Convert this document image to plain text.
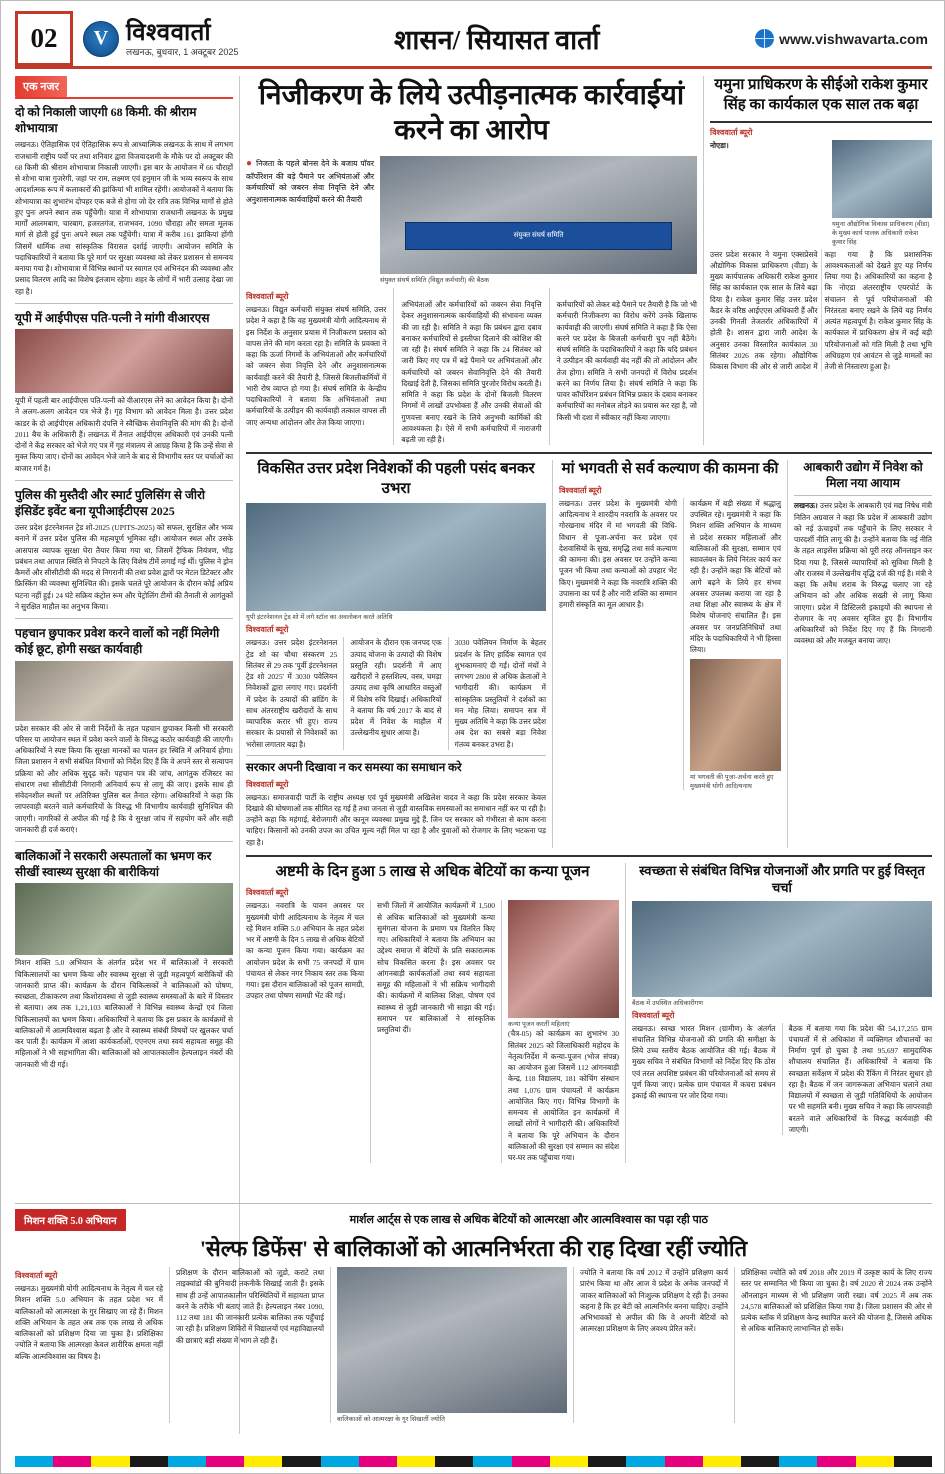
02 V	विश्ववार्ता
लखनऊ, बुधवार, 1 अक्टूबर 2025	शासन/ सियासत वार्ता	www.vishwavarta.com
एक नजर
दो को निकाली जाएगी 68 किमी. की श्रीराम शोभायात्रा
लखनऊ। ऐतिहासिक एवं ऐतिहासिक रूप से आध्यात्मिक लखनऊ के साथ में लगभग राजधानी राष्ट्रीय पर्वों पर तथा शनिवार द्वारा विजयादशमी के मौके पर दो अक्टूबर की 68 किमी की श्रीराम शोभायात्रा निकाली जाएगी। इस बार के आयोजन में 66 चौराहों से शोभा यात्रा गुजरेगी, जहां पर राम, लक्ष्मण एवं हनुमान जी के भव्य स्वरूप के साथ आदर्शात्मक रूप में कलाकारों की झांकियां भी शामिल रहेंगी। आयोजकों ने बताया कि शोभायात्रा का शुभारंभ दोपहर एक बजे से होगा जो देर रात्रि तक विभिन्न मार्गों से होते हुए पुनः अपने स्थान तक पहुँचेगी। यात्रा में शोभायात्रा राजधानी लखनऊ के प्रमुख मार्गों आलमबाग, चारबाग, हजरतगंज, राजभवन, 1090 चौराहा और समता मूलक मार्ग से होती हुई पुनः अपने स्थल तक पहुँचेगी। यात्रा में करीब 161 झाकियां होंगी जिसमें धार्मिक तथा सांस्कृतिक विरासत दर्शाई जाएगी। आयोजन समिति के पदाधिकारियों ने बताया कि पूरे मार्ग पर सुरक्षा व्यवस्था को लेकर प्रशासन से समन्वय बनाया गया है। शोभायात्रा में विभिन्न स्थानों पर स्वागत एवं अभिनंदन की व्यवस्था और प्रसाद वितरण आदि का विशेष इंतजाम रहेगा। शहर के लोगों में भारी उत्साह देखा जा रहा है।
यूपी में आईपीएस पति-पत्नी ने मांगी वीआरएस
यूपी में पहली बार आईपीएस पति-पत्नी को वीआरएस लेने का आवेदन किया है। दोनों ने अलग-अलग आवेदन पत्र भेजे हैं। गृह विभाग को आवेदन मिला है। उत्तर प्रदेश काडर के दो आईपीएस अधिकारी दंपत्ति ने स्वैच्छिक सेवानिवृत्ति की मांग की है। दोनों 2011 बैच के अधिकारी हैं। लखनऊ में तैनात आईपीएस अधिकारी एवं उनकी पत्नी दोनों ने केंद्र सरकार को भेजे गए पत्र में गृह मंत्रालय से आग्रह किया है कि उन्हें सेवा से मुक्त किया जाए। दोनों का आवेदन भेजे जाने के बाद से विभागीय स्तर पर चर्चाओं का बाजार गर्म है।
पुलिस की मुस्तैदी और स्मार्ट पुलिसिंग से जीरो इंसिडेंट इवेंट बना यूपीआईटीएस 2025
उत्तर प्रदेश इंटरनेशनल ट्रेड शो-2025 (UPITS-2025) को सफल, सुरक्षित और भव्य बनाने में उत्तर प्रदेश पुलिस की महत्वपूर्ण भूमिका रही। आयोजन स्थल और उसके आसपास व्यापक सुरक्षा घेरा तैयार किया गया था, जिसमें ट्रैफिक नियंत्रण, भीड़ प्रबंधन तथा आपात स्थिति से निपटने के लिए विशेष टीमें लगाई गई थीं। पुलिस ने ड्रोन कैमरों और सीसीटीवी की मदद से निगरानी की तथा प्रवेश द्वारों पर मेटल डिटेक्टर और फ्रिस्किंग की व्यवस्था सुनिश्चित की। इसके चलते पूरे आयोजन के दौरान कोई अप्रिय घटना नहीं हुई। 24 घंटे सक्रिय कंट्रोल रूम और पेट्रोलिंग टीमों की तैनाती से आगंतुकों ने सुरक्षित माहौल का अनुभव किया।
पहचान छुपाकर प्रवेश करने वालों को नहीं मिलेगी कोई छूट, होगी सख्त कार्यवाही
प्रदेश सरकार की ओर से जारी निर्देशों के तहत पहचान छुपाकर किसी भी सरकारी परिसर या आयोजन स्थल में प्रवेश करने वालों के विरुद्ध कठोर कार्यवाही की जाएगी। अधिकारियों ने स्पष्ट किया कि सुरक्षा मानकों का पालन हर स्थिति में अनिवार्य होगा। जिला प्रशासन ने सभी संबंधित विभागों को निर्देश दिए हैं कि वे अपने स्तर से सत्यापन प्रक्रिया को और अधिक सुदृढ़ करें। पहचान पत्र की जांच, आगंतुक रजिस्टर का संधारण तथा सीसीटीवी निगरानी अनिवार्य रूप से लागू की जाए। इसके साथ ही संवेदनशील स्थलों पर अतिरिक्त पुलिस बल तैनात रहेगा। अधिकारियों ने कहा कि लापरवाही बरतने वाले कर्मचारियों के विरुद्ध भी विभागीय कार्यवाही सुनिश्चित की जाएगी। नागरिकों से अपील की गई है कि वे सुरक्षा जांच में सहयोग करें और सही जानकारी ही दर्ज कराएं।
बालिकाओं ने सरकारी अस्पतालों का भ्रमण कर सीखीं स्वास्थ्य सुरक्षा की बारीकियां
मिशन शक्ति 5.0 अभियान के अंतर्गत प्रदेश भर में बालिकाओं ने सरकारी चिकित्सालयों का भ्रमण किया और स्वास्थ्य सुरक्षा से जुड़ी महत्वपूर्ण बारीकियों की जानकारी प्राप्त की। कार्यक्रम के दौरान चिकित्सकों ने बालिकाओं को पोषण, स्वच्छता, टीकाकरण तथा किशोरावस्था से जुड़ी स्वास्थ्य समस्याओं के बारे में विस्तार से बताया। अब तक 1,21,103 बालिकाओं ने विभिन्न स्वास्थ्य केन्द्रों एवं जिला चिकित्सालयों का भ्रमण किया। अधिकारियों ने बताया कि इस प्रकार के कार्यक्रमों से बालिकाओं में आत्मविश्वास बढ़ता है और वे स्वास्थ्य संबंधी विषयों पर खुलकर चर्चा कर पाती हैं। कार्यक्रम में आशा कार्यकर्ताओं, एएनएम तथा स्वयं सहायता समूह की महिलाओं ने भी सहभागिता की। बालिकाओं को आपातकालीन हेल्पलाइन नंबरों की जानकारी भी दी गई।
निजीकरण के लिये उत्पीड़नात्मक कार्रवाईयां करने का आरोप
● निजता के पहले बोनस देने के बजाय पॉवर कॉर्पोरेशन की बड़े पैमाने पर अभियंताओं और कर्मचारियों को जबरन सेवा निवृत्ति देने और अनुशासनात्मक कार्यवाहियों करने की तैयारी
संयुक्त संघर्ष समिति
संयुक्त संघर्ष समिति (विद्युत कर्मचारी) की बैठक
विश्ववार्ता ब्यूरो
लखनऊ। विद्युत कर्मचारी संयुक्त संघर्ष समिति, उत्तर प्रदेश ने कहा है कि वह मुख्यमंत्री योगी आदित्यनाथ से इस निर्देश के अनुसार प्रयास में निजीकरण प्रस्ताव को वापस लेने की मांग करता रहा है। समिति के प्रवक्ता ने कहा कि ऊर्जा निगमों के अभियंताओं और कर्मचारियों को जबरन सेवा निवृत्ति देने और अनुशासनात्मक कार्यवाही करने की तैयारी है, जिससे बिजलीकर्मियों में भारी रोष व्याप्त हो गया है। संघर्ष समिति के केन्द्रीय पदाधिकारियों ने बताया कि अभियंताओं तथा कर्मचारियों के उत्पीड़न की कार्यवाही तत्काल वापस ली जाए अन्यथा आंदोलन और तेज किया जाएगा।
अभियंताओं और कर्मचारियों को जबरन सेवा निवृत्ति देकर अनुशासनात्मक कार्यवाहियों की संभावना व्यक्त की जा रही है। समिति ने कहा कि प्रबंधन द्वारा दबाव बनाकर कर्मचारियों से इस्तीफा दिलाने की कोशिश की जा रही है। संघर्ष समिति ने कहा कि 24 सितंबर को जारी किए गए पत्र में बड़े पैमाने पर अभियंताओं और कर्मचारियों को जबरन सेवानिवृत्ति देने की तैयारी दिखाई देती है, जिसका समिति पुरजोर विरोध करती है। समिति ने कहा कि प्रदेश के दोनों बिजली वितरण निगमों में लाखों उपभोक्ता हैं और उनकी सेवाओं की गुणवत्ता बनाए रखने के लिये अनुभवी कार्मिकों की आवश्यकता है। ऐसे में सभी कर्मचारियों में नाराजगी बढ़ती जा रही है।
कर्मचारियों को लेकर बड़े पैमाने पर तैयारी है कि जो भी कर्मचारी निजीकरण का विरोध करेंगे उनके खिलाफ कार्यवाही की जाएगी। संघर्ष समिति ने कहा है कि ऐसा करने पर प्रदेश के बिजली कर्मचारी चुप नहीं बैठेंगे। संघर्ष समिति के पदाधिकारियों ने कहा कि यदि प्रबंधन ने उत्पीड़न की कार्यवाही बंद नहीं की तो आंदोलन और तेज होगा। समिति ने सभी जनपदों में विरोध प्रदर्शन करने का निर्णय लिया है। संघर्ष समिति ने कहा कि पावर कॉर्पोरेशन प्रबंधन विभिन्न प्रकार के दबाव बनाकर कर्मचारियों का मनोबल तोड़ने का प्रयास कर रहा है, जो किसी भी दशा में स्वीकार नहीं किया जाएगा।
यमुना प्राधिकरण के सीईओ राकेश कुमार सिंह का कार्यकाल एक साल तक बढ़ा
विश्ववार्ता ब्यूरो
नोएडा।
यमुना औद्योगिक विकास प्राधिकरण (वीडा) के मुख्य कार्य पालक अधिकारी राकेश कुमार सिंह
उत्तर प्रदेश सरकार ने यमुना एक्सप्रेसवे औद्योगिक विकास प्राधिकरण (वीडा) के मुख्य कार्यपालक अधिकारी राकेश कुमार सिंह का कार्यकाल एक साल के लिये बढ़ा दिया है। राकेश कुमार सिंह उत्तर प्रदेश कैडर के वरिष्ठ आईएएस अधिकारी हैं और उनकी गिनती तेजतर्रार अधिकारियों में होती है। शासन द्वारा जारी आदेश के अनुसार उनका विस्तारित कार्यकाल 30 सितंबर 2026 तक रहेगा। औद्योगिक विकास विभाग की ओर से जारी आदेश में कहा गया है कि प्रशासनिक आवश्यकताओं को देखते हुए यह निर्णय लिया गया है। अधिकारियों का कहना है कि नोएडा अंतरराष्ट्रीय एयरपोर्ट के संचालन से पूर्व परियोजनाओं की निरंतरता बनाए रखने के लिये यह निर्णय अत्यंत महत्वपूर्ण है। राकेश कुमार सिंह के कार्यकाल में प्राधिकरण क्षेत्र में कई बड़ी परियोजनाओं को गति मिली है तथा भूमि अधिग्रहण एवं आवंटन से जुड़े मामलों का तेजी से निस्तारण हुआ है।
विकसित उत्तर प्रदेश निवेशकों की पहली पसंद बनकर उभरा
यूपी इंटरनेशनल ट्रेड शो में लगे स्टॉल का अवलोकन करते अतिथि
विश्ववार्ता ब्यूरो
लखनऊ। उत्तर प्रदेश इंटरनेशनल ट्रेड शो का चौथा संस्करण 25 सितंबर से 29 तक 'पूर्वी इंटरनेशनल ट्रेड शो 2025' में 3030 पवेलियन निवेशकों द्वारा लगाए गए। प्रदर्शनी में प्रदेश के उत्पादों की ब्रांडिंग के साथ अंतरराष्ट्रीय खरीदारों के साथ व्यापारिक करार भी हुए। राज्य सरकार के प्रयासों से निवेशकों का भरोसा लगातार बढ़ा है।
आयोजन के दौरान एक जनपद एक उत्पाद योजना के उत्पादों की विशेष प्रस्तुति रही। प्रदर्शनी में आए खरीदारों ने हस्तशिल्प, वस्त्र, चमड़ा उत्पाद तथा कृषि आधारित वस्तुओं में विशेष रुचि दिखाई। अधिकारियों ने बताया कि वर्ष 2017 के बाद से प्रदेश में निवेश के माहौल में उल्लेखनीय सुधार आया है।
3030 पवेलियन निर्माण के बेहतर प्रदर्शन के लिए हार्दिक स्वागत एवं शुभकामनाएं दी गईं। दोनों मंचों ने लगभग 2800 से अधिक क्रेताओं ने भागीदारी की। कार्यक्रम में सांस्कृतिक प्रस्तुतियों ने दर्शकों का मन मोह लिया। समापन सत्र में मुख्य अतिथि ने कहा कि उत्तर प्रदेश अब देश का सबसे बड़ा निवेश गंतव्य बनकर उभरा है।
सरकार अपनी दिखावा न कर समस्या का समाधान करे
विश्ववार्ता ब्यूरो
लखनऊ। समाजवादी पार्टी के राष्ट्रीय अध्यक्ष एवं पूर्व मुख्यमंत्री अखिलेश यादव ने कहा कि प्रदेश सरकार केवल दिखावे की घोषणाओं तक सीमित रह गई है तथा जनता से जुड़ी वास्तविक समस्याओं का समाधान नहीं कर पा रही है। उन्होंने कहा कि महंगाई, बेरोजगारी और कानून व्यवस्था प्रमुख मुद्दे हैं, जिन पर सरकार को गंभीरता से काम करना चाहिए। किसानों को उनकी उपज का उचित मूल्य नहीं मिल पा रहा है और युवाओं को रोजगार के लिए भटकना पड़ रहा है।
मां भगवती से सर्व कल्याण की कामना की
विश्ववार्ता ब्यूरो
लखनऊ। उत्तर प्रदेश के मुख्यमंत्री योगी आदित्यनाथ ने शारदीय नवरात्रि के अवसर पर गोरखनाथ मंदिर में मां भगवती की विधि-विधान से पूजा-अर्चना कर प्रदेश एवं देशवासियों के सुख, समृद्धि तथा सर्व कल्याण की कामना की। इस अवसर पर उन्होंने कन्या पूजन भी किया तथा कन्याओं को उपहार भेंट किए। मुख्यमंत्री ने कहा कि नवरात्रि शक्ति की उपासना का पर्व है और नारी शक्ति का सम्मान हमारी संस्कृति का मूल आधार है।
कार्यक्रम में बड़ी संख्या में श्रद्धालु उपस्थित रहे। मुख्यमंत्री ने कहा कि मिशन शक्ति अभियान के माध्यम से प्रदेश सरकार महिलाओं और बालिकाओं की सुरक्षा, सम्मान एवं स्वावलंबन के लिये निरंतर कार्य कर रही है। उन्होंने कहा कि बेटियों को आगे बढ़ने के लिये हर संभव अवसर उपलब्ध कराया जा रहा है तथा शिक्षा और स्वास्थ्य के क्षेत्र में विशेष योजनाएं संचालित हैं। इस अवसर पर जनप्रतिनिधियों तथा मंदिर के पदाधिकारियों ने भी हिस्सा लिया।
मां भगवती की पूजा-अर्चना करते हुए मुख्यमंत्री योगी आदित्यनाथ
आबकारी उद्योग में निवेश को मिला नया आयाम
लखनऊ। उत्तर प्रदेश के आबकारी एवं मद्य निषेध मंत्री नितिन अग्रवाल ने कहा कि प्रदेश में आबकारी उद्योग को नई ऊंचाइयों तक पहुँचाने के लिए सरकार ने पारदर्शी नीति लागू की है। उन्होंने बताया कि नई नीति के तहत लाइसेंस प्रक्रिया को पूरी तरह ऑनलाइन कर दिया गया है, जिससे व्यापारियों को सुविधा मिली है और राजस्व में उल्लेखनीय वृद्धि दर्ज की गई है। मंत्री ने कहा कि अवैध शराब के विरुद्ध चलाए जा रहे अभियान को और अधिक सख्ती से लागू किया जाएगा। प्रदेश में डिस्टिलरी इकाइयों की स्थापना से रोजगार के नए अवसर सृजित हुए हैं। विभागीय अधिकारियों को निर्देश दिए गए हैं कि निगरानी व्यवस्था को और मजबूत बनाया जाए।
अष्टमी के दिन हुआ 5 लाख से अधिक बेटियों का कन्या पूजन
विश्ववार्ता ब्यूरो
लखनऊ। नवरात्रि के पावन अवसर पर मुख्यमंत्री योगी आदित्यनाथ के नेतृत्व में चल रहे मिशन शक्ति 5.0 अभियान के तहत प्रदेश भर में अष्टमी के दिन 5 लाख से अधिक बेटियों का कन्या पूजन किया गया। कार्यक्रम का आयोजन प्रदेश के सभी 75 जनपदों में ग्राम पंचायत से लेकर नगर निकाय स्तर तक किया गया। इस दौरान बालिकाओं को पूजन सामग्री, उपहार तथा पोषण सामग्री भेंट की गई।
सभी जिलों में आयोजित कार्यक्रमों में 1,500 से अधिक बालिकाओं को मुख्यमंत्री कन्या सुमंगला योजना के प्रमाण पत्र वितरित किए गए। अधिकारियों ने बताया कि अभियान का उद्देश्य समाज में बेटियों के प्रति सकारात्मक सोच विकसित करना है। इस अवसर पर आंगनबाड़ी कार्यकर्ताओं तथा स्वयं सहायता समूह की महिलाओं ने भी सक्रिय भागीदारी की। कार्यक्रमों में बालिका शिक्षा, पोषण एवं स्वास्थ्य से जुड़ी जानकारी भी साझा की गई। समापन पर बालिकाओं ने सांस्कृतिक प्रस्तुतियां दीं।
कन्या पूजन करतीं महिलाएं
(चैत्र-05) को कार्यक्रम का शुभारंभ 30 सितंबर 2025 को जिलाधिकारी महोदय के नेतृत्व/निर्देश में कन्या-पूजन (भोज संपन्न) का आयोजन हुआ जिसमें 112 आंगनबाड़ी केन्द्र, 118 विद्यालय, 181 कोचिंग संस्थान तथा 1,076 ग्राम पंचायतों में कार्यक्रम आयोजित किए गए। विभिन्न विभागों के समन्वय से आयोजित इन कार्यक्रमों में लाखों लोगों ने भागीदारी की। अधिकारियों ने बताया कि पूरे अभियान के दौरान बालिकाओं की सुरक्षा एवं सम्मान का संदेश घर-घर तक पहुँचाया गया।
स्वच्छता से संबंधित विभिन्न योजनाओं और प्रगति पर हुई विस्तृत चर्चा
बैठक में उपस्थित अधिकारीगण
विश्ववार्ता ब्यूरो
लखनऊ। स्वच्छ भारत मिशन (ग्रामीण) के अंतर्गत संचालित विभिन्न योजनाओं की प्रगति की समीक्षा के लिये उच्च स्तरीय बैठक आयोजित की गई। बैठक में मुख्य सचिव ने संबंधित विभागों को निर्देश दिए कि ठोस एवं तरल अपशिष्ट प्रबंधन की परियोजनाओं को समय से पूर्ण किया जाए। प्रत्येक ग्राम पंचायत में कचरा प्रबंधन इकाई की स्थापना पर जोर दिया गया।
बैठक में बताया गया कि प्रदेश की 54,17,255 ग्राम पंचायतों में से अधिकांश में व्यक्तिगत शौचालयों का निर्माण पूर्ण हो चुका है तथा 95,697 सामुदायिक शौचालय संचालित हैं। अधिकारियों ने बताया कि स्वच्छता सर्वेक्षण में प्रदेश की रैंकिंग में निरंतर सुधार हो रहा है। बैठक में जन जागरूकता अभियान चलाने तथा विद्यालयों में स्वच्छता से जुड़ी गतिविधियों के आयोजन पर भी सहमति बनी। मुख्य सचिव ने कहा कि लापरवाही बरतने वाले अधिकारियों के विरुद्ध कार्यवाही की जाएगी।
मिशन शक्ति 5.0 अभियान	मार्शल आर्ट्स से एक लाख से अधिक बेटियों को आत्मरक्षा और आत्मविश्वास का पढ़ा रही पाठ
'सेल्फ डिफेंस' से बालिकाओं को आत्मनिर्भरता की राह दिखा रहीं ज्योति
विश्ववार्ता ब्यूरो
लखनऊ। मुख्यमंत्री योगी आदित्यनाथ के नेतृत्व में चल रहे मिशन शक्ति 5.0 अभियान के तहत प्रदेश भर में बालिकाओं को आत्मरक्षा के गुर सिखाए जा रहे हैं। मिशन शक्ति अभियान के तहत अब तक एक लाख से अधिक बालिकाओं को प्रशिक्षण दिया जा चुका है। प्रशिक्षिका ज्योति ने बताया कि आत्मरक्षा केवल शारीरिक क्षमता नहीं बल्कि आत्मविश्वास का विषय है।
प्रशिक्षण के दौरान बालिकाओं को जूडो, कराटे तथा ताइक्वांडो की बुनियादी तकनीकें सिखाई जाती हैं। इसके साथ ही उन्हें आपातकालीन परिस्थितियों में सहायता प्राप्त करने के तरीके भी बताए जाते हैं। हेल्पलाइन नंबर 1090, 112 तथा 181 की जानकारी प्रत्येक बालिका तक पहुँचाई जा रही है। प्रशिक्षण शिविरों में विद्यालयों एवं महाविद्यालयों की छात्राएं बड़ी संख्या में भाग ले रही हैं।
बालिकाओं को आत्मरक्षा के गुर सिखातीं ज्योति
ज्योति ने बताया कि वर्ष 2012 में उन्होंने प्रशिक्षण कार्य प्रारंभ किया था और आज वे प्रदेश के अनेक जनपदों में जाकर बालिकाओं को निःशुल्क प्रशिक्षण दे रही हैं। उनका कहना है कि हर बेटी को आत्मनिर्भर बनना चाहिए। उन्होंने अभिभावकों से अपील की कि वे अपनी बेटियों को आत्मरक्षा प्रशिक्षण के लिए अवश्य प्रेरित करें।
प्रशिक्षिका ज्योति को वर्ष 2018 और 2019 में उत्कृष्ट कार्य के लिए राज्य स्तर पर सम्मानित भी किया जा चुका है। वर्ष 2020 से 2024 तक उन्होंने ऑनलाइन माध्यम से भी प्रशिक्षण जारी रखा। वर्ष 2025 में अब तक 24,578 बालिकाओं को प्रशिक्षित किया गया है। जिला प्रशासन की ओर से प्रत्येक ब्लॉक में प्रशिक्षण केन्द्र स्थापित करने की योजना है, जिससे अधिक से अधिक बालिकाएं लाभान्वित हो सकें।
